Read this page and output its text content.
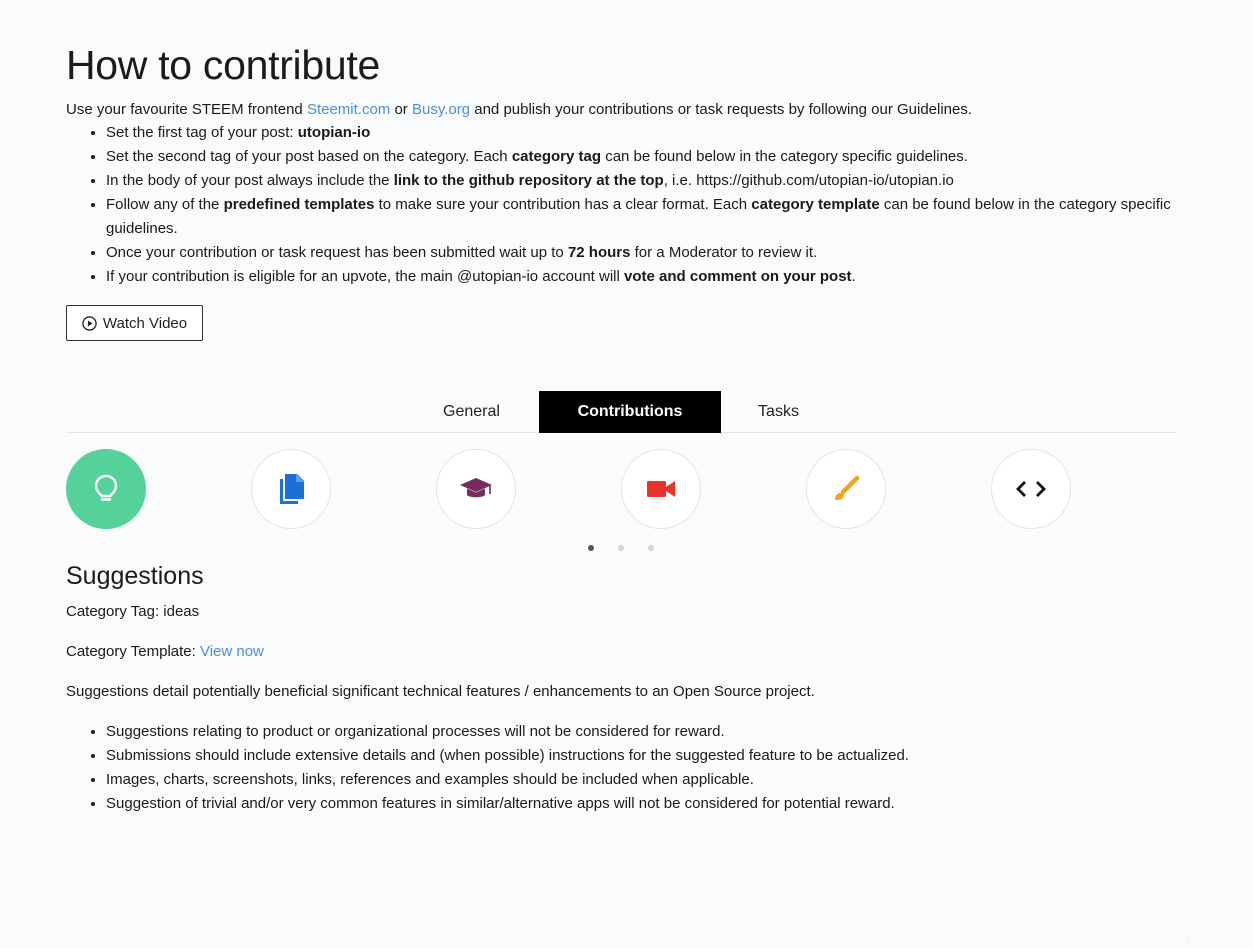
How to contribute
Use your favourite STEEM frontend Steemit.com or Busy.org and publish your contributions or task requests by following our Guidelines.
• Set the first tag of your post: utopian-io
• Set the second tag of your post based on the category. Each category tag can be found below in the category specific guidelines.
• In the body of your post always include the link to the github repository at the top, i.e. https://github.com/utopian-io/utopian.io
• Follow any of the predefined templates to make sure your contribution has a clear format. Each category template can be found below in the category specific guidelines.
• Once your contribution or task request has been submitted wait up to 72 hours for a Moderator to review it.
• If your contribution is eligible for an upvote, the main @utopian-io account will vote and comment on your post.
Watch Video
General	Contributions	Tasks
›
Suggestions
Category Tag: ideas
Category Template: View now
Suggestions detail potentially beneficial significant technical features / enhancements to an Open Source project.
• Suggestions relating to product or organizational processes will not be considered for reward.
• Submissions should include extensive details and (when possible) instructions for the suggested feature to be actualized.
• Images, charts, screenshots, links, references and examples should be included when applicable.
• Suggestion of trivial and/or very common features in similar/alternative apps will not be considered for potential reward.
